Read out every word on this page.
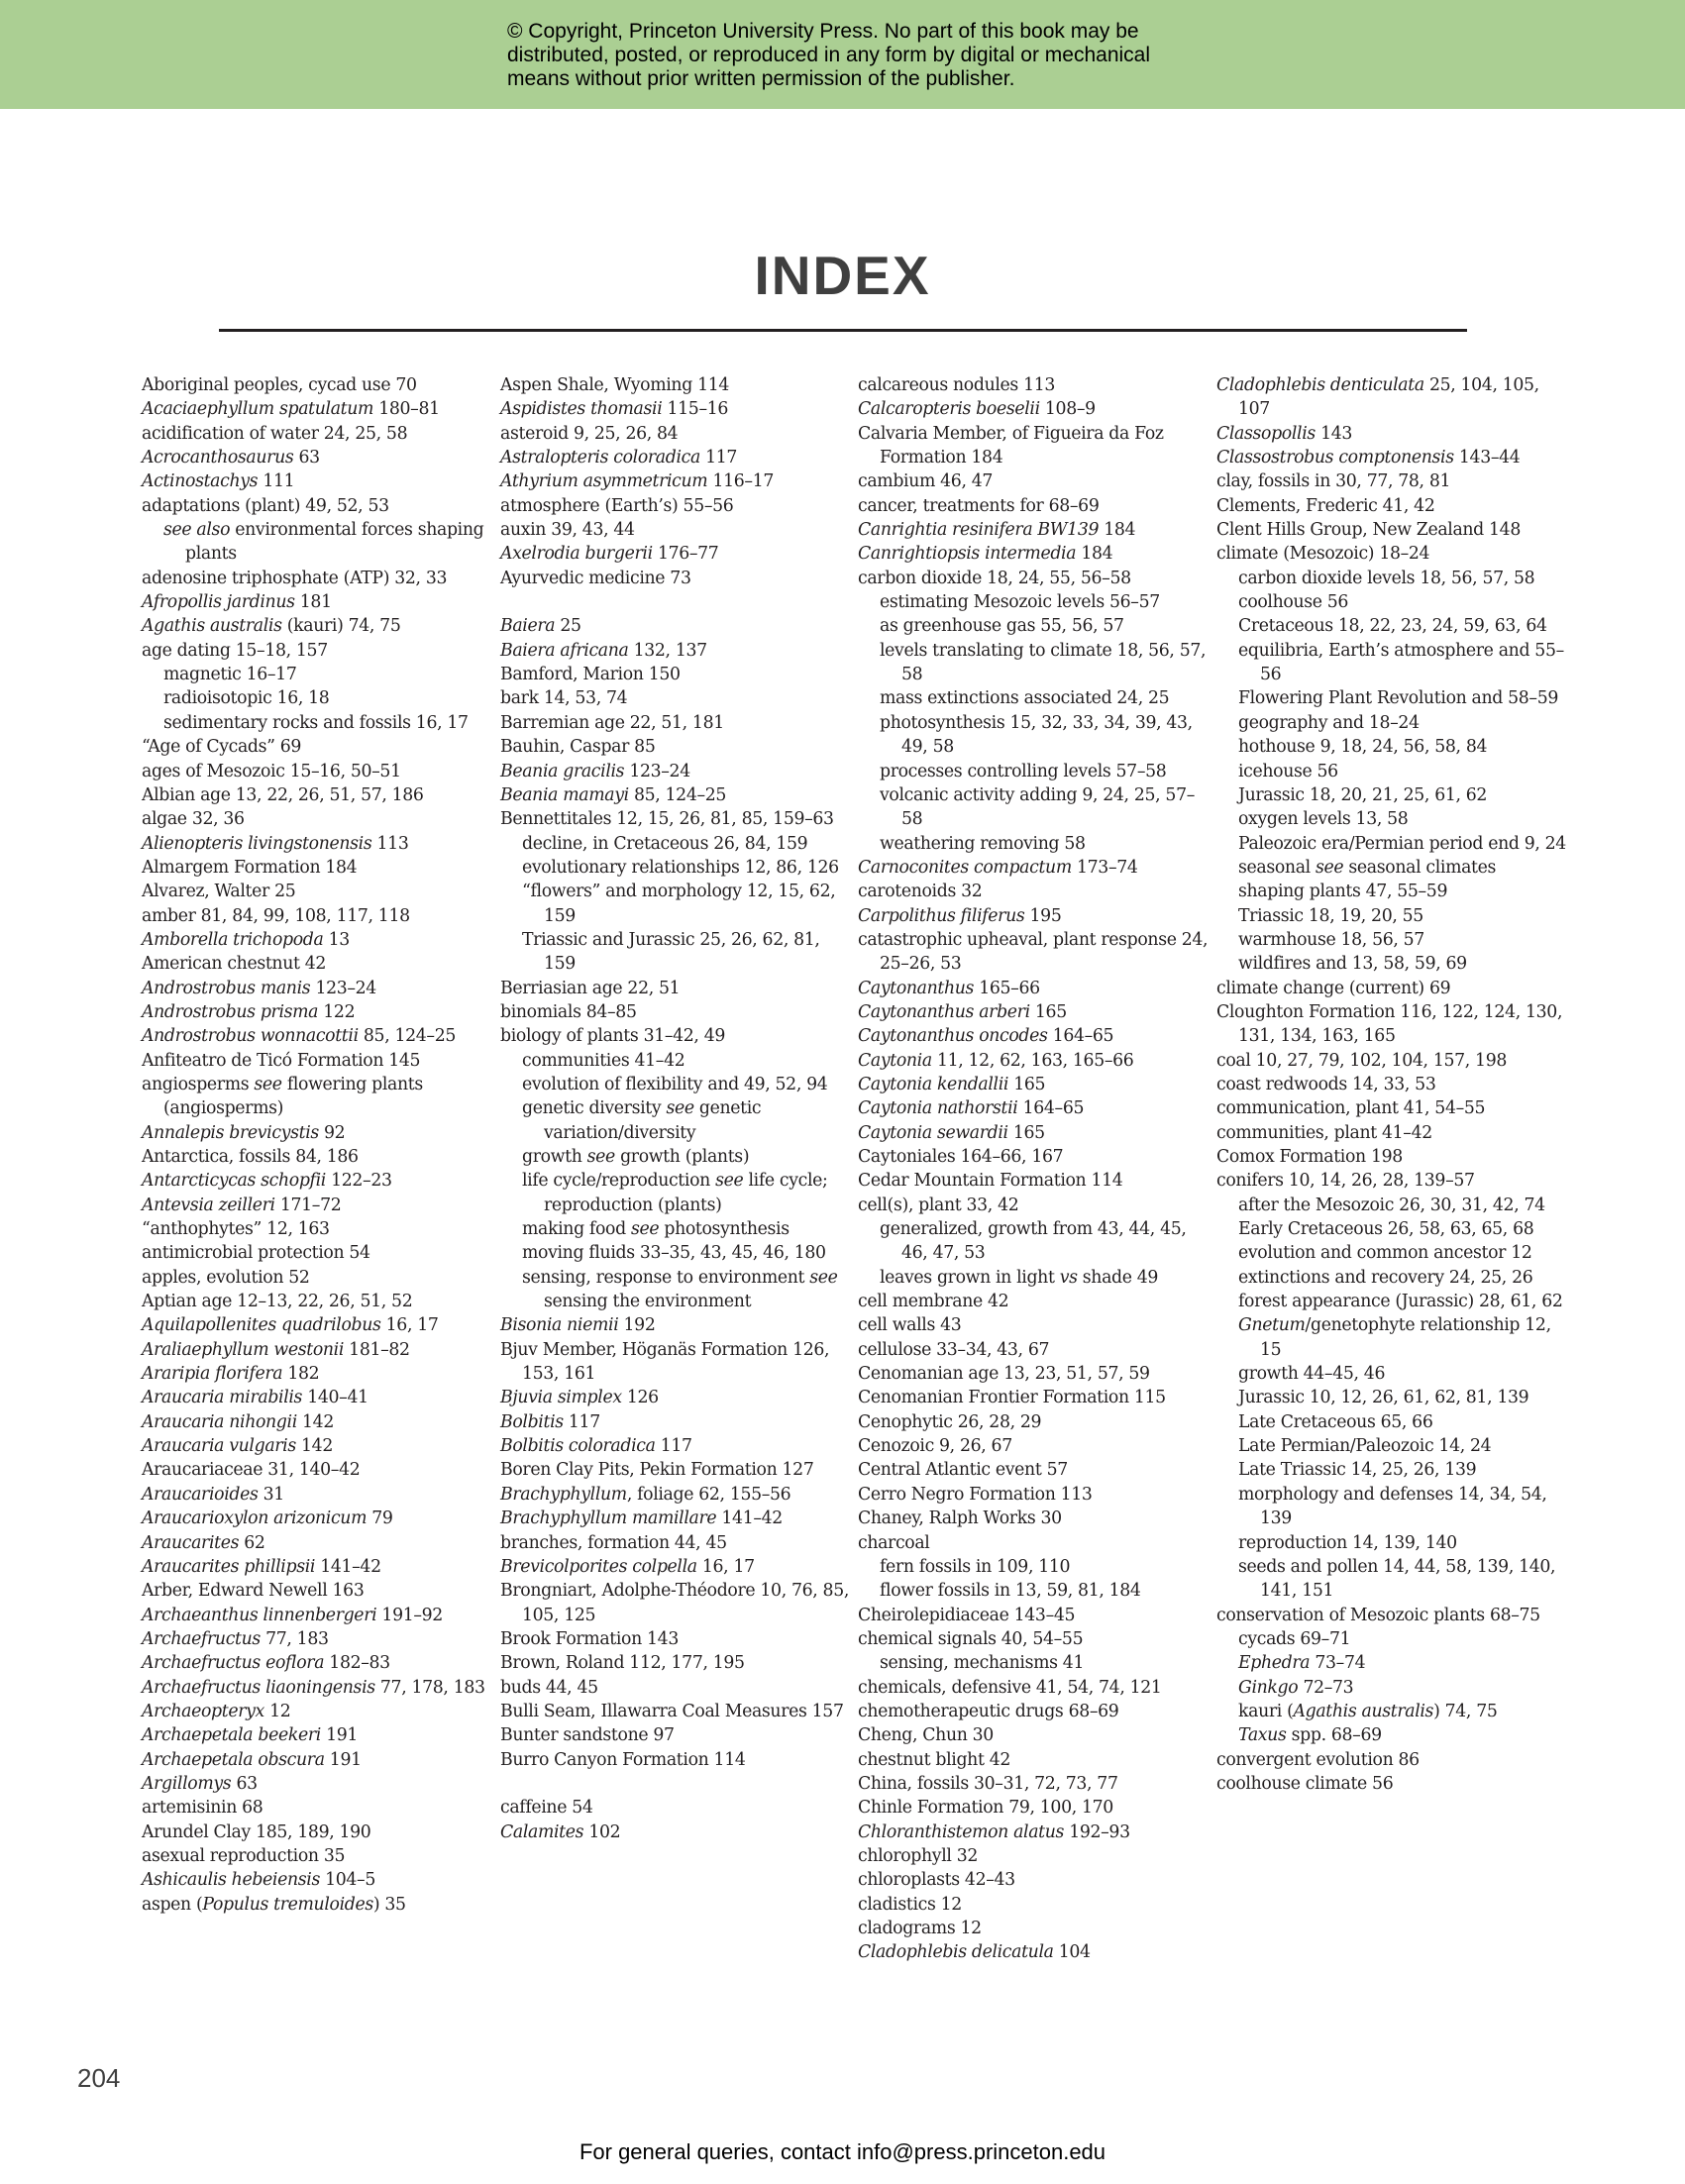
© Copyright, Princeton University Press. No part of this book may be
distributed, posted, or reproduced in any form by digital or mechanical
means without prior written permission of the publisher.
INDEX
Aboriginal peoples, cycad use 70
Acaciaephyllum spatulatum 180–81
acidification of water 24, 25, 58
Acrocanthosaurus 63
Actinostachys 111
adaptations (plant) 49, 52, 53
see also environmental forces shaping plants
adenosine triphosphate (ATP) 32, 33
Afropollis jardinus 181
Agathis australis (kauri) 74, 75
age dating 15–18, 157
magnetic 16–17
radioisotopic 16, 18
sedimentary rocks and fossils 16, 17
“Age of Cycads” 69
ages of Mesozoic 15–16, 50–51
Albian age 13, 22, 26, 51, 57, 186
algae 32, 36
Alienopteris livingstonensis 113
Almargem Formation 184
Alvarez, Walter 25
amber 81, 84, 99, 108, 117, 118
Amborella trichopoda 13
American chestnut 42
Androstrobus manis 123–24
Androstrobus prisma 122
Androstrobus wonnacottii 85, 124–25
Anfiteatro de Ticó Formation 145
angiosperms see flowering plants (angiosperms)
Annalepis brevicystis 92
Antarctica, fossils 84, 186
Antarcticycas schopfii 122–23
Antevsia zeilleri 171–72
“anthophytes” 12, 163
antimicrobial protection 54
apples, evolution 52
Aptian age 12–13, 22, 26, 51, 52
Aquilapollenites quadrilobus 16, 17
Araliaephyllum westonii 181–82
Araripia florifera 182
Araucaria mirabilis 140–41
Araucaria nihongii 142
Araucaria vulgaris 142
Araucariaceae 31, 140–42
Araucarioides 31
Araucarioxylon arizonicum 79
Araucarites 62
Araucarites phillipsii 141–42
Arber, Edward Newell 163
Archaeanthus linnenbergeri 191–92
Archaefructus 77, 183
Archaefructus eoflora 182–83
Archaefructus liaoningensis 77, 178, 183
Archaeopteryx 12
Archaepetala beekeri 191
Archaepetala obscura 191
Argillomys 63
artemisinin 68
Arundel Clay 185, 189, 190
asexual reproduction 35
Ashicaulis hebeiensis 104–5
aspen (Populus tremuloides) 35
Aspen Shale, Wyoming 114
Aspidistes thomasii 115–16
asteroid 9, 25, 26, 84
Astralopteris coloradica 117
Athyrium asymmetricum 116–17
atmosphere (Earth’s) 55–56
auxin 39, 43, 44
Axelrodia burgerii 176–77
Ayurvedic medicine 73
Baiera 25
Baiera africana 132, 137
Bamford, Marion 150
bark 14, 53, 74
Barremian age 22, 51, 181
Bauhin, Caspar 85
Beania gracilis 123–24
Beania mamayi 85, 124–25
Bennettitales 12, 15, 26, 81, 85, 159–63
decline, in Cretaceous 26, 84, 159
evolutionary relationships 12, 86, 126
“flowers” and morphology 12, 15, 62, 159
Triassic and Jurassic 25, 26, 62, 81, 159
Berriasian age 22, 51
binomials 84–85
biology of plants 31–42, 49
communities 41–42
evolution of flexibility and 49, 52, 94
genetic diversity see genetic variation/diversity
growth see growth (plants)
life cycle/reproduction see life cycle; reproduction (plants)
making food see photosynthesis
moving fluids 33–35, 43, 45, 46, 180
sensing, response to environment see sensing the environment
Bisonia niemii 192
Bjuv Member, Höganäs Formation 126, 153, 161
Bjuvia simplex 126
Bolbitis 117
Bolbitis coloradica 117
Boren Clay Pits, Pekin Formation 127
Brachyphyllum, foliage 62, 155–56
Brachyphyllum mamillare 141–42
branches, formation 44, 45
Brevicolporites colpella 16, 17
Brongniart, Adolphe-Théodore 10, 76, 85, 105, 125
Brook Formation 143
Brown, Roland 112, 177, 195
buds 44, 45
Bulli Seam, Illawarra Coal Measures 157
Bunter sandstone 97
Burro Canyon Formation 114
caffeine 54
Calamites 102
calcareous nodules 113
Calcaropteris boeselii 108–9
Calvaria Member, of Figueira da Foz Formation 184
cambium 46, 47
cancer, treatments for 68–69
Canrightia resinifera BW139 184
Canrightiopsis intermedia 184
carbon dioxide 18, 24, 55, 56–58
estimating Mesozoic levels 56–57
as greenhouse gas 55, 56, 57
levels translating to climate 18, 56, 57, 58
mass extinctions associated 24, 25
photosynthesis 15, 32, 33, 34, 39, 43, 49, 58
processes controlling levels 57–58
volcanic activity adding 9, 24, 25, 57–58
weathering removing 58
Carnoconites compactum 173–74
carotenoids 32
Carpolithus filiferus 195
catastrophic upheaval, plant response 24, 25–26, 53
Caytonanthus 165–66
Caytonanthus arberi 165
Caytonanthus oncodes 164–65
Caytonia 11, 12, 62, 163, 165–66
Caytonia kendallii 165
Caytonia nathorstii 164–65
Caytonia sewardii 165
Caytoniales 164–66, 167
Cedar Mountain Formation 114
cell(s), plant 33, 42
generalized, growth from 43, 44, 45, 46, 47, 53
leaves grown in light vs shade 49
cell membrane 42
cell walls 43
cellulose 33–34, 43, 67
Cenomanian age 13, 23, 51, 57, 59
Cenomanian Frontier Formation 115
Cenophytic 26, 28, 29
Cenozoic 9, 26, 67
Central Atlantic event 57
Cerro Negro Formation 113
Chaney, Ralph Works 30
charcoal
fern fossils in 109, 110
flower fossils in 13, 59, 81, 184
Cheirolepidiaceae 143–45
chemical signals 40, 54–55
sensing, mechanisms 41
chemicals, defensive 41, 54, 74, 121
chemotherapeutic drugs 68–69
Cheng, Chun 30
chestnut blight 42
China, fossils 30–31, 72, 73, 77
Chinle Formation 79, 100, 170
Chloranthistemon alatus 192–93
chlorophyll 32
chloroplasts 42–43
cladistics 12
cladograms 12
Cladophlebis delicatula 104
Cladophlebis denticulata 25, 104, 105, 107
Classopollis 143
Classostrobus comptonensis 143–44
clay, fossils in 30, 77, 78, 81
Clements, Frederic 41, 42
Clent Hills Group, New Zealand 148
climate (Mesozoic) 18–24
carbon dioxide levels 18, 56, 57, 58
coolhouse 56
Cretaceous 18, 22, 23, 24, 59, 63, 64
equilibria, Earth’s atmosphere and 55–56
Flowering Plant Revolution and 58–59
geography and 18–24
hothouse 9, 18, 24, 56, 58, 84
icehouse 56
Jurassic 18, 20, 21, 25, 61, 62
oxygen levels 13, 58
Paleozoic era/Permian period end 9, 24
seasonal see seasonal climates
shaping plants 47, 55–59
Triassic 18, 19, 20, 55
warmhouse 18, 56, 57
wildfires and 13, 58, 59, 69
climate change (current) 69
Cloughton Formation 116, 122, 124, 130, 131, 134, 163, 165
coal 10, 27, 79, 102, 104, 157, 198
coast redwoods 14, 33, 53
communication, plant 41, 54–55
communities, plant 41–42
Comox Formation 198
conifers 10, 14, 26, 28, 139–57
after the Mesozoic 26, 30, 31, 42, 74
Early Cretaceous 26, 58, 63, 65, 68
evolution and common ancestor 12
extinctions and recovery 24, 25, 26
forest appearance (Jurassic) 28, 61, 62
Gnetum/genetophyte relationship 12, 15
growth 44–45, 46
Jurassic 10, 12, 26, 61, 62, 81, 139
Late Cretaceous 65, 66
Late Permian/Paleozoic 14, 24
Late Triassic 14, 25, 26, 139
morphology and defenses 14, 34, 54, 139
reproduction 14, 139, 140
seeds and pollen 14, 44, 58, 139, 140, 141, 151
conservation of Mesozoic plants 68–75
cycads 69–71
Ephedra 73–74
Ginkgo 72–73
kauri (Agathis australis) 74, 75
Taxus spp. 68–69
convergent evolution 86
coolhouse climate 56
204
For general queries, contact info@press.princeton.edu
